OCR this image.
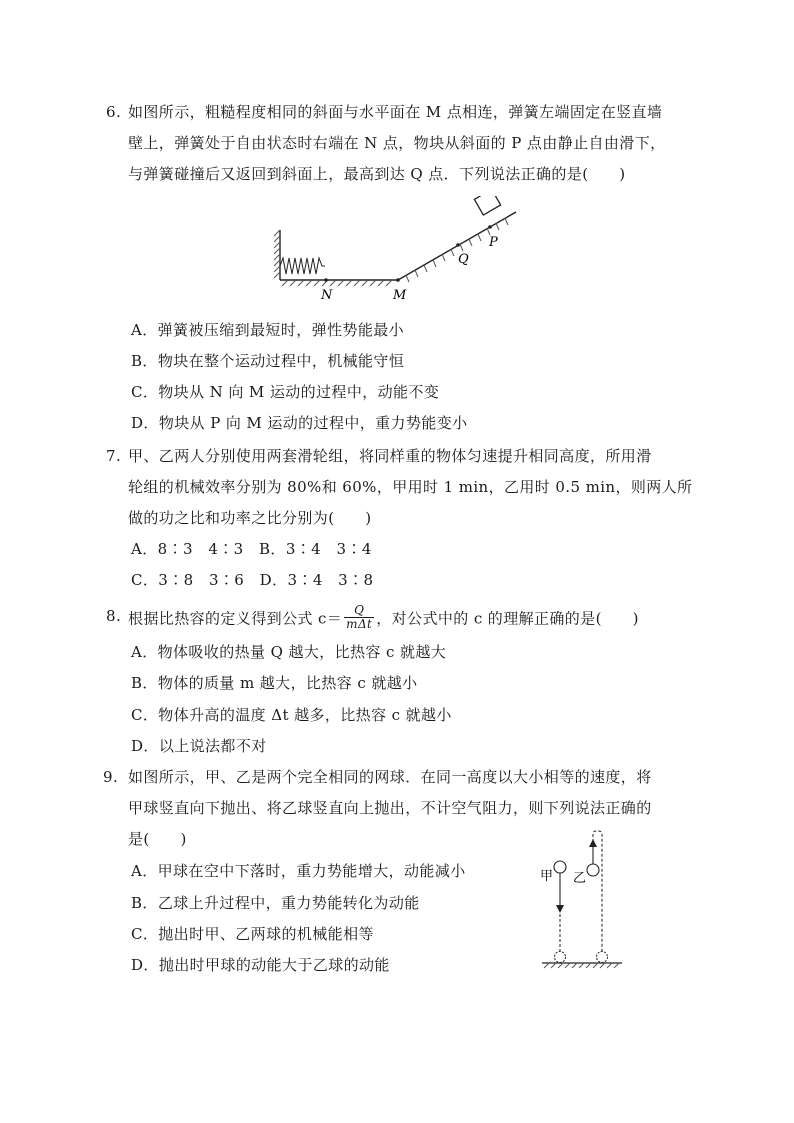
6. 如图所示，粗糙程度相同的斜面与水平面在 M 点相连，弹簧左端固定在竖直墙
壁上，弹簧处于自由状态时右端在 N 点，物块从斜面的 P 点由静止自由滑下，
与弹簧碰撞后又返回到斜面上，最高到达 Q 点．下列说法正确的是(　　)
N	M
Q
P
A．弹簧被压缩到最短时，弹性势能最小
B．物块在整个运动过程中，机械能守恒
C．物块从 N 向 M 运动的过程中，动能不变
D．物块从 P 向 M 运动的过程中，重力势能变小
7. 甲、乙两人分别使用两套滑轮组，将同样重的物体匀速提升相同高度，所用滑
轮组的机械效率分别为 80%和 60%，甲用时 1 min，乙用时 0.5 min，则两人所
做的功之比和功率之比分别为(　　)
A．8∶3　4∶3　B．3∶4　3∶4
C．3∶8　3∶6　D．3∶4　3∶8
8. 根据比热容的定义得到公式 $c= \frac{Q}{\text{mΔt}}$ ，对公式中的 c 的理解正确的是(　　)
A．物体吸收的热量 Q 越大，比热容 c 就越大
B．物体的质量 m 越大，比热容 c 就越小
C．物体升高的温度 Δt 越多，比热容 c 就越小
D．以上说法都不对
9. 如图所示，甲、乙是两个完全相同的网球．在同一高度以大小相等的速度，将
甲球竖直向下抛出、将乙球竖直向上抛出，不计空气阻力，则下列说法正确的
是(　　)
甲 乙
A．甲球在空中下落时，重力势能增大，动能减小
B．乙球上升过程中，重力势能转化为动能
C．抛出时甲、乙两球的机械能相等
D．抛出时甲球的动能大于乙球的动能
